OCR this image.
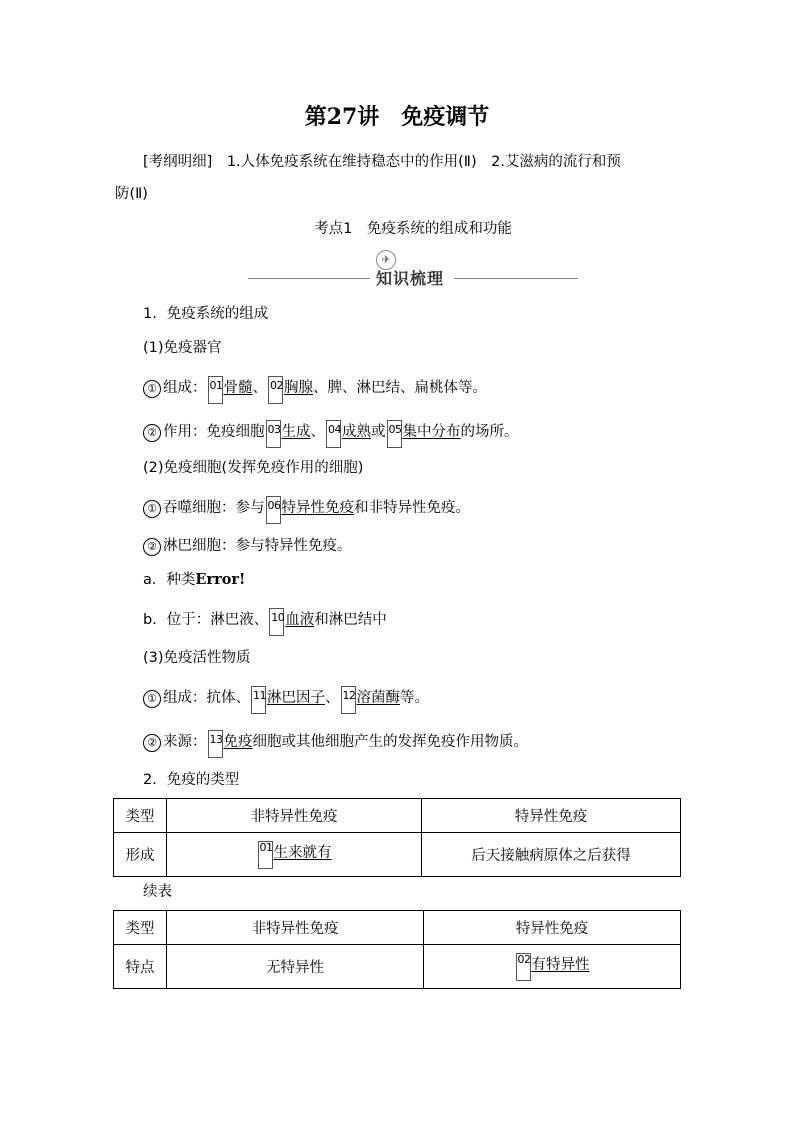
第27讲　免疫调节
[考纲明细]　1.人体免疫系统在维持稳态中的作用(Ⅱ)　2.艾滋病的流行和预
防(Ⅱ)
考点1　免疫系统的组成和功能
✈
知识梳理
1．免疫系统的组成
(1)免疫器官
① 组成： 01 骨髓、 02 胸腺、脾、淋巴结、扁桃体等。
② 作用：免疫细胞 03 生成、 04 成熟或 05 集中分布的场所。
(2)免疫细胞(发挥免疫作用的细胞)
① 吞噬细胞：参与 06 特异性免疫和非特异性免疫。
② 淋巴细胞：参与特异性免疫。
a．种类Error!
b．位于：淋巴液、 10 血液和淋巴结中
(3)免疫活性物质
① 组成：抗体、 11 淋巴因子、 12 溶菌酶等。
② 来源： 13 免疫细胞或其他细胞产生的发挥免疫作用物质。
2．免疫的类型
类型	非特异性免疫	特异性免疫
形成	01 生来就有	后天接触病原体之后获得
续表
类型	非特异性免疫	特异性免疫
特点	无特异性	02 有特异性
